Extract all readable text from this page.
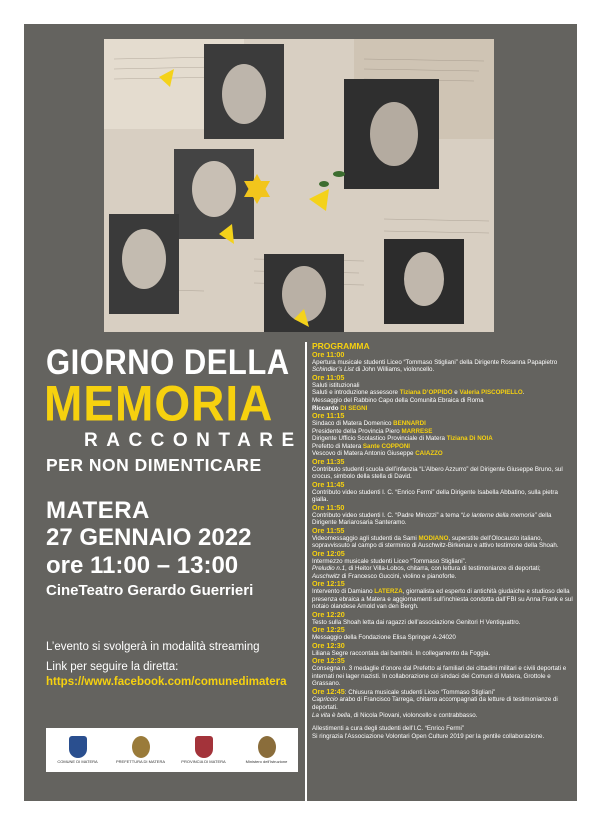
GIORNO DELLA
MEMORIA
RACCONTARE
PER NON DIMENTICARE
MATERA
27 GENNAIO 2022
ore 11:00 – 13:00
CineTeatro Gerardo Guerrieri
L’evento si svolgerà in modalità streaming
Link per seguire la diretta:
https://www.facebook.com/comunedimatera
COMUNE DI MATERA	PREFETTURA DI MATERA	PROVINCIA DI MATERA	Ministero dell'Istruzione
PROGRAMMA
Ore 11:00
Apertura musicale studenti Liceo “Tommaso Stigliani” della Dirigente Rosanna Papapietro
Schindler’s List di John Williams, violoncello.
Ore 11:05
Saluti istituzionali
Saluti e introduzione assessore Tiziana D’OPPIDO e Valeria PISCOPIELLO.
Messaggio del Rabbino Capo della Comunità Ebraica di Roma
Riccardo DI SEGNI
Ore 11:15
Sindaco di Matera Domenico BENNARDI
Presidente della Provincia Piero MARRESE
Dirigente Ufficio Scolastico Provinciale di Matera Tiziana Di NOIA
Prefetto di Matera Sante COPPONI
Vescovo di Matera Antonio Giuseppe CAIAZZO
Ore 11:35
Contributo studenti scuola dell’infanzia “L’Albero Azzurro” del Dirigente Giuseppe Bruno, sul crocus, simbolo della stella di David.
Ore 11:45
Contributo video studenti I. C. “Enrico Fermi” della Dirigente Isabella Abbatino, sulla pietra gialla.
Ore 11:50
Contributo video studenti I. C. “Padre Minozzi” a tema “Le lanterne della memoria” della Dirigente Mariarosaria Santeramo.
Ore 11:55
Videomessaggio agli studenti da Sami MODIANO, superstite dell’Olocausto italiano, sopravvissuto al campo di sterminio di Auschwitz-Birkenau e attivo testimone della Shoah.
Ore 12:05
Intermezzo musicale studenti Liceo “Tommaso Stigliani”.
Preludio n.1, di Heitor Villa-Lobos, chitarra, con lettura di testimonianze di deportati;
Auschwitz di Francesco Guccini, violino e pianoforte.
Ore 12:15
Intervento di Damiano LATERZA, giornalista ed esperto di antichità giudaiche e studioso della presenza ebraica a Matera e aggiornamenti sull’inchiesta condotta dall’FBI su Anna Frank e sul notaio olandese Arnold van den Bergh.
Ore 12:20
Testo sulla Shoah letta dai ragazzi dell’associazione Genitori H Ventiquattro.
Ore 12:25
Messaggio della Fondazione Elisa Springer A-24020
Ore 12:30
Liliana Segre raccontata dai bambini. In collegamento da Foggia.
Ore 12:35
Consegna n. 3 medaglie d’onore dal Prefetto ai familiari dei cittadini militari e civili deportati e internati nei lager nazisti. In collaborazione coi sindaci dei Comuni di Matera, Grottole e Grassano.
Ore 12:45: Chiusura musicale studenti Liceo “Tommaso Stigliani”
Capriccio arabo di Francisco Tarrega, chitarra accompagnati da letture di testimonianze di deportati.
La vita è bella, di Nicola Piovani, violoncello e contrabbasso.
Allestimenti a cura degli studenti dell’I.C. “Enrico Fermi”
Si ringrazia l’Associazione Volontari Open Culture 2019 per la gentile collaborazione.
